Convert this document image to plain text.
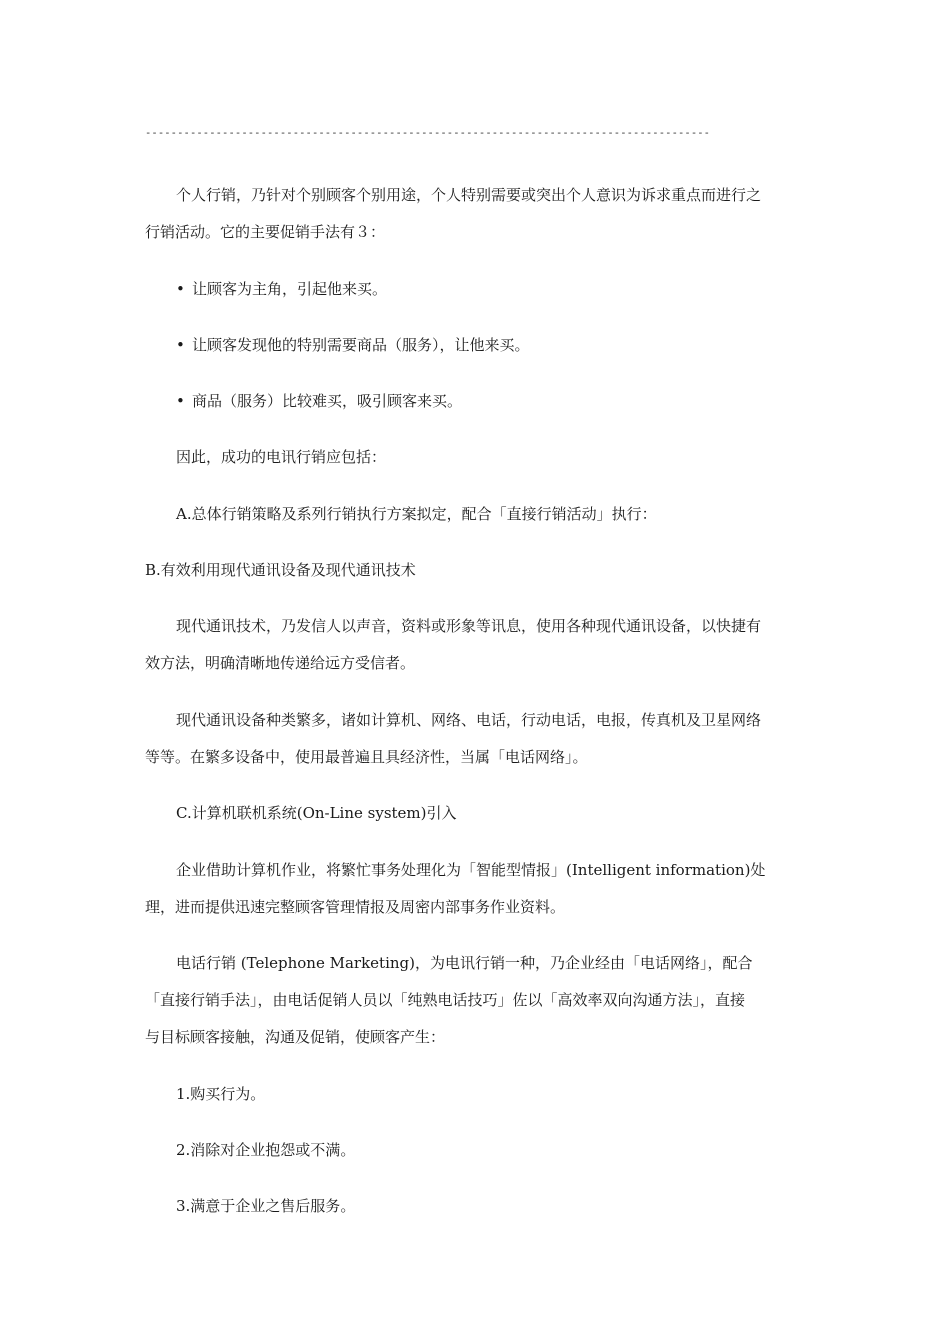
----------------------------------------------------------------------------------------
个人行销，乃针对个别顾客个别用途，个人特别需要或突出个人意识为诉求重点而进行之
行销活动。它的主要促销手法有３：
• 让顾客为主角，引起他来买。
• 让顾客发现他的特别需要商品（服务），让他来买。
• 商品（服务）比较难买，吸引顾客来买。
因此，成功的电讯行销应包括：
A.总体行销策略及系列行销执行方案拟定，配合「直接行销活动」执行：
B.有效利用现代通讯设备及现代通讯技术
现代通讯技术，乃发信人以声音，资料或形象等讯息，使用各种现代通讯设备，以快捷有
效方法，明确清晰地传递给远方受信者。
现代通讯设备种类繁多，诸如计算机、网络、电话，行动电话，电报，传真机及卫星网络
等等。在繁多设备中，使用最普遍且具经济性，当属「电话网络」。
C.计算机联机系统(On-Line system)引入
企业借助计算机作业，将繁忙事务处理化为「智能型情报」(Intelligent information)处
理，进而提供迅速完整顾客管理情报及周密内部事务作业资料。
电话行销 (Telephone Marketing)，为电讯行销一种，乃企业经由「电话网络」，配合
「直接行销手法」，由电话促销人员以「纯熟电话技巧」佐以「高效率双向沟通方法」，直接
与目标顾客接触，沟通及促销，使顾客产生：
1.购买行为。
2.消除对企业抱怨或不满。
3.满意于企业之售后服务。
